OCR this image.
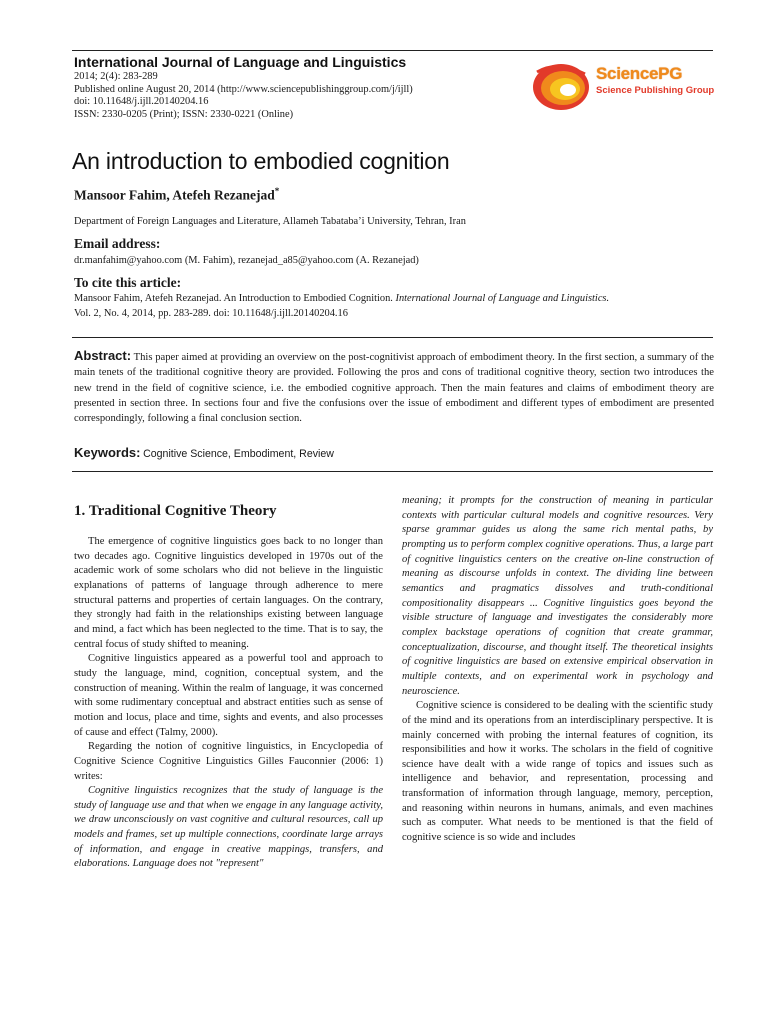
International Journal of Language and Linguistics
2014; 2(4): 283-289
Published online August 20, 2014 (http://www.sciencepublishinggroup.com/j/ijll)
doi: 10.11648/j.ijll.20140204.16
ISSN: 2330-0205 (Print); ISSN: 2330-0221 (Online)
SciencePG
Science Publishing Group
An introduction to embodied cognition
Mansoor Fahim, Atefeh Rezanejad*
Department of Foreign Languages and Literature, Allameh Tabataba’i University, Tehran, Iran
Email address:
dr.manfahim@yahoo.com (M. Fahim), rezanejad_a85@yahoo.com (A. Rezanejad)
To cite this article:
Mansoor Fahim, Atefeh Rezanejad. An Introduction to Embodied Cognition. International Journal of Language and Linguistics.
Vol. 2, No. 4, 2014, pp. 283-289. doi: 10.11648/j.ijll.20140204.16
Abstract: This paper aimed at providing an overview on the post-cognitivist approach of embodiment theory. In the first section, a summary of the main tenets of the traditional cognitive theory are provided. Following the pros and cons of traditional cognitive theory, section two introduces the new trend in the field of cognitive science, i.e. the embodied cognitive approach. Then the main features and claims of embodiment theory are presented in section three. In sections four and five the confusions over the issue of embodiment and different types of embodiment are presented correspondingly, following a final conclusion section.
Keywords: Cognitive Science, Embodiment, Review
1. Traditional Cognitive Theory

The emergence of cognitive linguistics goes back to no longer than two decades ago. Cognitive linguistics developed in 1970s out of the academic work of some scholars who did not believe in the linguistic explanations of patterns of language through adherence to mere structural patterns and properties of certain languages. On the contrary, they strongly had faith in the relationships existing between language and mind, a fact which has been neglected to the time. That is to say, the central focus of study shifted to meaning.

Cognitive linguistics appeared as a powerful tool and approach to study the language, mind, cognition, conceptual system, and the construction of meaning. Within the realm of language, it was concerned with some rudimentary conceptual and abstract entities such as sense of motion and locus, place and time, sights and events, and also processes of cause and effect (Talmy, 2000).

Regarding the notion of cognitive linguistics, in Encyclopedia of Cognitive Science Cognitive Linguistics Gilles Fauconnier (2006: 1) writes:

Cognitive linguistics recognizes that the study of language is the study of language use and that when we engage in any language activity, we draw unconsciously on vast cognitive and cultural resources, call up models and frames, set up multiple connections, coordinate large arrays of information, and engage in creative mappings, transfers, and elaborations. Language does not "represent"

meaning; it prompts for the construction of meaning in particular contexts with particular cultural models and cognitive resources. Very sparse grammar guides us along the same rich mental paths, by prompting us to perform complex cognitive operations. Thus, a large part of cognitive linguistics centers on the creative on-line construction of meaning as discourse unfolds in context. The dividing line between semantics and pragmatics dissolves and truth-conditional compositionality disappears ... Cognitive linguistics goes beyond the visible structure of language and investigates the considerably more complex backstage operations of cognition that create grammar, conceptualization, discourse, and thought itself. The theoretical insights of cognitive linguistics are based on extensive empirical observation in multiple contexts, and on experimental work in psychology and neuroscience.

Cognitive science is considered to be dealing with the scientific study of the mind and its operations from an interdisciplinary perspective. It is mainly concerned with probing the internal features of cognition, its responsibilities and how it works. The scholars in the field of cognitive science have dealt with a wide range of topics and issues such as intelligence and behavior, and representation, processing and transformation of information through language, memory, perception, and reasoning within neurons in humans, animals, and even machines such as computer. What needs to be mentioned is that the field of cognitive science is so wide and includes
